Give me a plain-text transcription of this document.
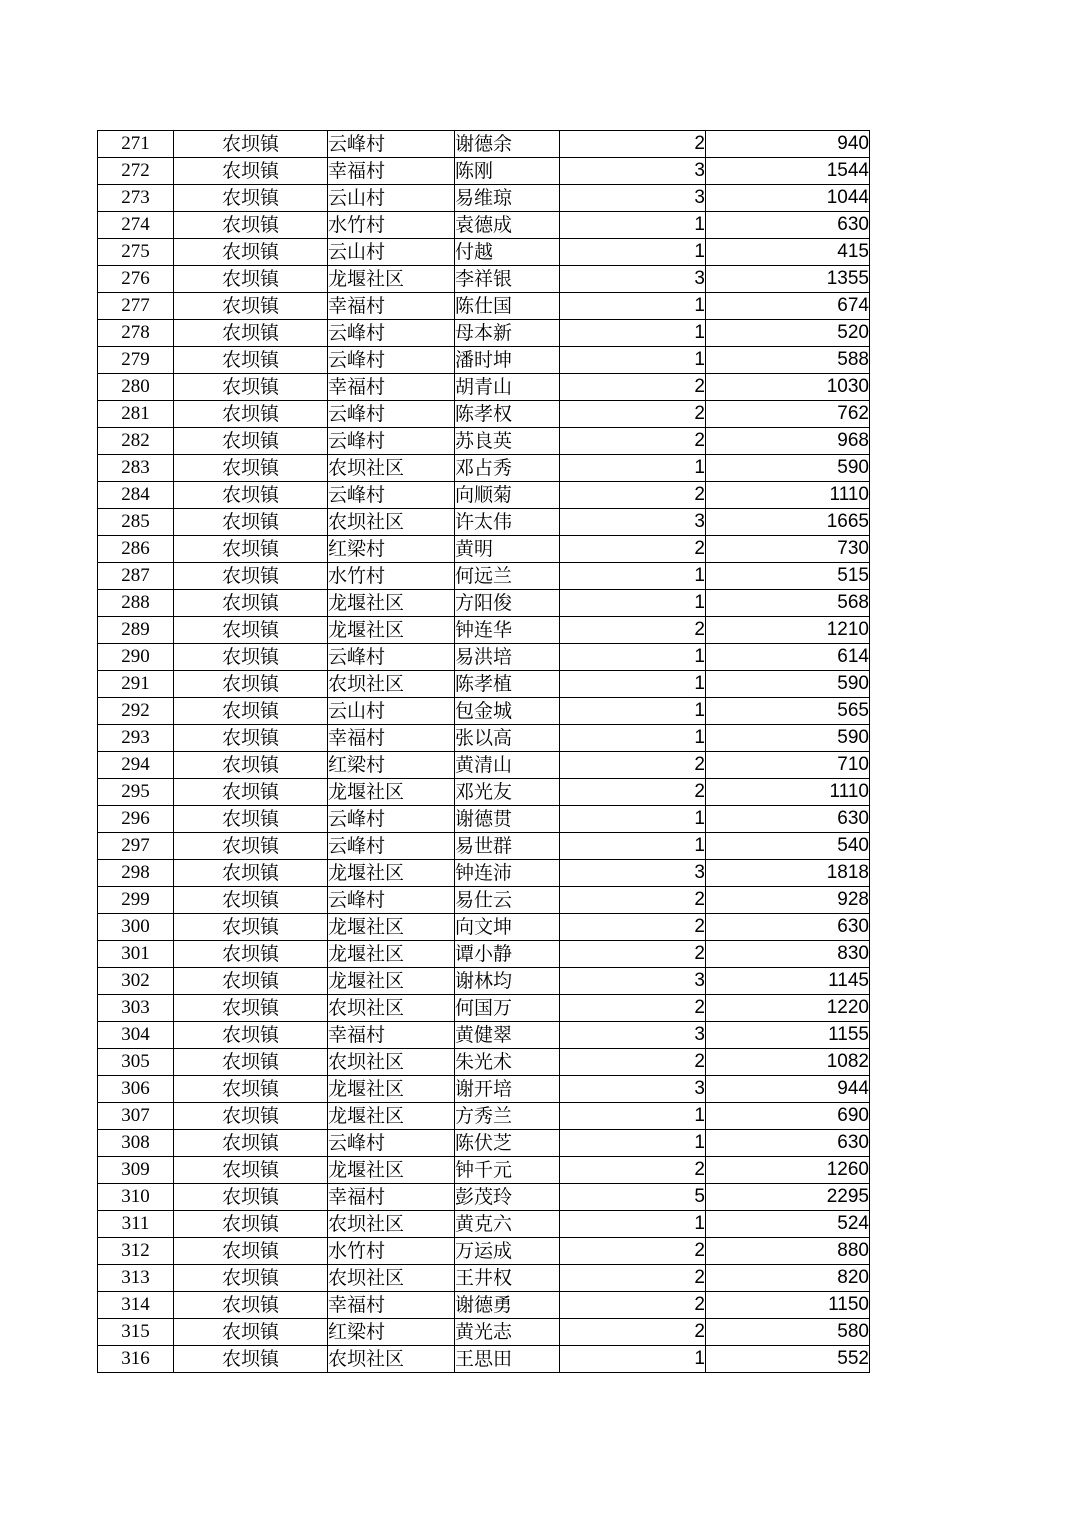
271	农坝镇	云峰村	谢德余	2	940
272	农坝镇	幸福村	陈刚	3	1544
273	农坝镇	云山村	易维琼	3	1044
274	农坝镇	水竹村	袁德成	1	630
275	农坝镇	云山村	付越	1	415
276	农坝镇	龙堰社区	李祥银	3	1355
277	农坝镇	幸福村	陈仕国	1	674
278	农坝镇	云峰村	母本新	1	520
279	农坝镇	云峰村	潘时坤	1	588
280	农坝镇	幸福村	胡青山	2	1030
281	农坝镇	云峰村	陈孝权	2	762
282	农坝镇	云峰村	苏良英	2	968
283	农坝镇	农坝社区	邓占秀	1	590
284	农坝镇	云峰村	向顺菊	2	1110
285	农坝镇	农坝社区	许太伟	3	1665
286	农坝镇	红梁村	黄明	2	730
287	农坝镇	水竹村	何远兰	1	515
288	农坝镇	龙堰社区	方阳俊	1	568
289	农坝镇	龙堰社区	钟连华	2	1210
290	农坝镇	云峰村	易洪培	1	614
291	农坝镇	农坝社区	陈孝植	1	590
292	农坝镇	云山村	包金城	1	565
293	农坝镇	幸福村	张以高	1	590
294	农坝镇	红梁村	黄清山	2	710
295	农坝镇	龙堰社区	邓光友	2	1110
296	农坝镇	云峰村	谢德贯	1	630
297	农坝镇	云峰村	易世群	1	540
298	农坝镇	龙堰社区	钟连沛	3	1818
299	农坝镇	云峰村	易仕云	2	928
300	农坝镇	龙堰社区	向文坤	2	630
301	农坝镇	龙堰社区	谭小静	2	830
302	农坝镇	龙堰社区	谢林均	3	1145
303	农坝镇	农坝社区	何国万	2	1220
304	农坝镇	幸福村	黄健翠	3	1155
305	农坝镇	农坝社区	朱光术	2	1082
306	农坝镇	龙堰社区	谢开培	3	944
307	农坝镇	龙堰社区	方秀兰	1	690
308	农坝镇	云峰村	陈伏芝	1	630
309	农坝镇	龙堰社区	钟千元	2	1260
310	农坝镇	幸福村	彭茂玲	5	2295
311	农坝镇	农坝社区	黄克六	1	524
312	农坝镇	水竹村	万运成	2	880
313	农坝镇	农坝社区	王井权	2	820
314	农坝镇	幸福村	谢德勇	2	1150
315	农坝镇	红梁村	黄光志	2	580
316	农坝镇	农坝社区	王思田	1	552
